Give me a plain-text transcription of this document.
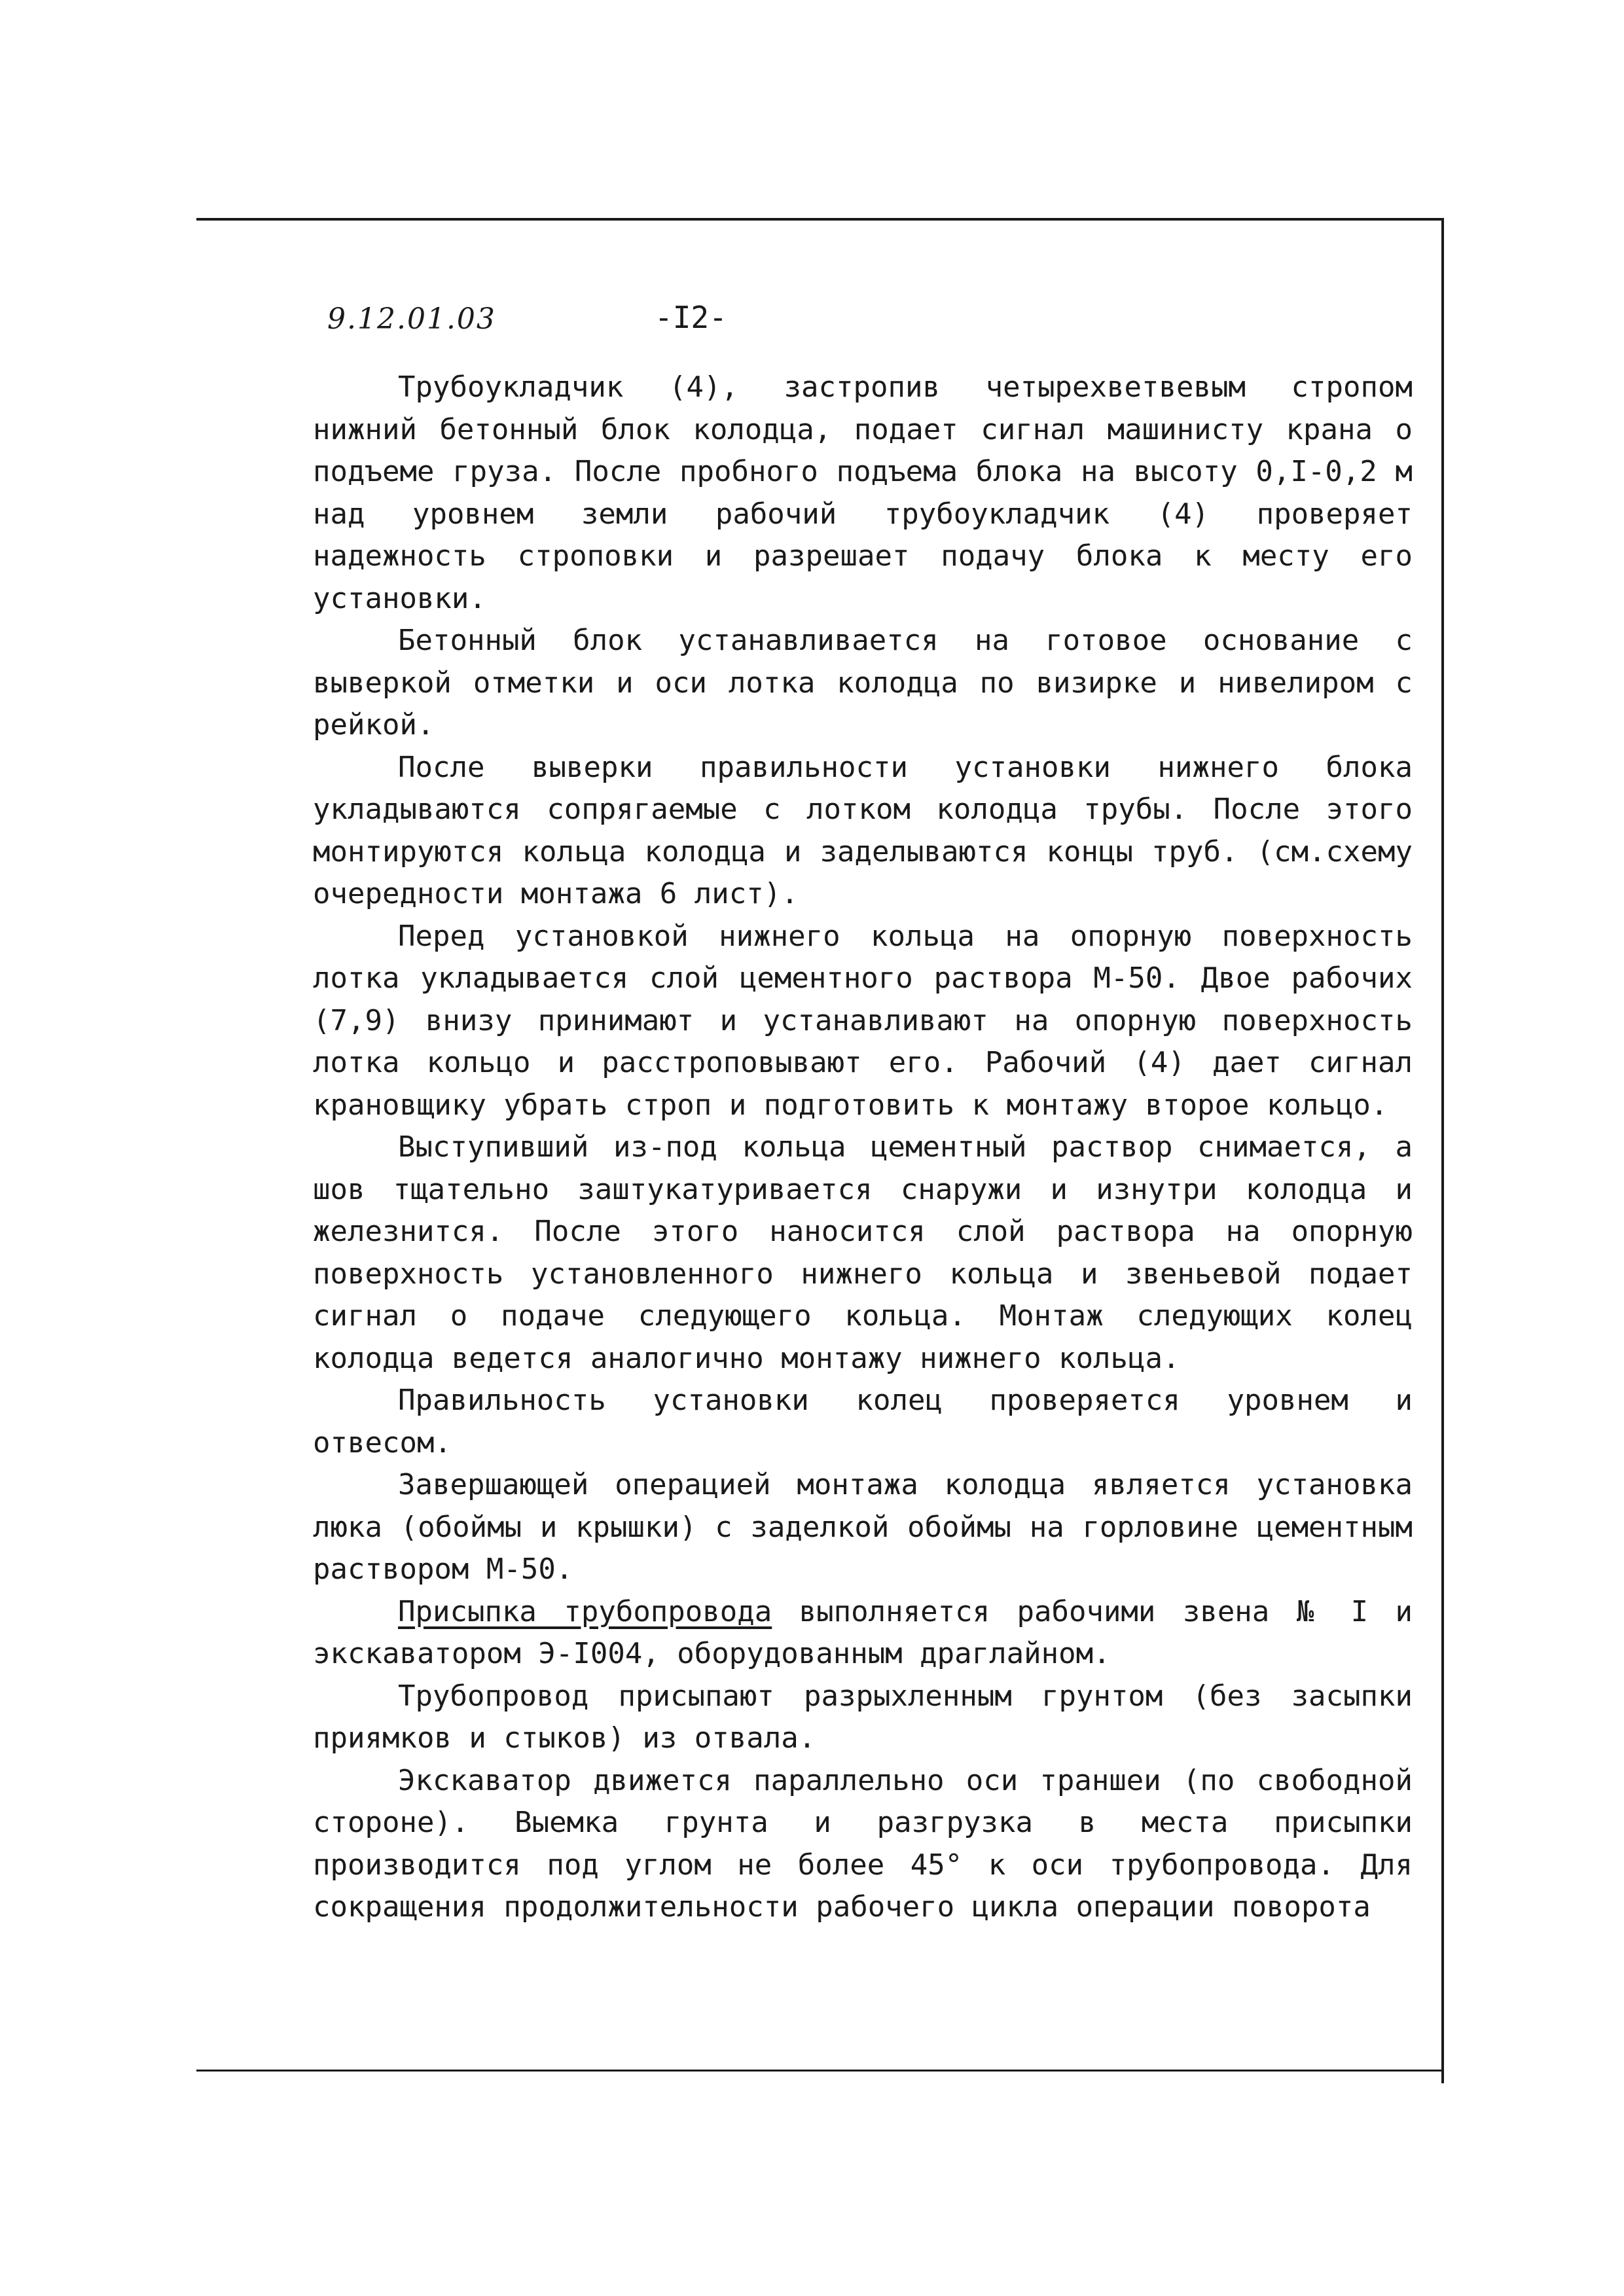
9.12.01.03	-I2-

Трубоукладчик (4), застропив четырехветвевым стропом нижний бетонный блок колодца, подает сигнал машинисту крана о подъеме груза. После пробного подъема блока на высоту 0,I-0,2 м над уровнем земли рабочий трубоукладчик (4) проверяет надежность строповки и разрешает подачу блока к месту его установки.

Бетонный блок устанавливается на готовое основание с выверкой отметки и оси лотка колодца по визирке и нивелиром с рейкой.

После выверки правильности установки нижнего блока укладываются сопрягаемые с лотком колодца трубы. После этого монтируются кольца колодца и заделываются концы труб. (см.схему очередности монтажа 6 лист).

Перед установкой нижнего кольца на опорную поверхность лотка укладывается слой цементного раствора М-50. Двое рабочих (7,9) внизу принимают и устанавливают на опорную поверхность лотка кольцо и расстроповывают его. Рабочий (4) дает сигнал крановщику убрать строп и подготовить к монтажу второе кольцо.

Выступивший из-под кольца цементный раствор снимается, а шов тщательно заштукатуривается снаружи и изнутри колодца и железнится. После этого наносится слой раствора на опорную поверхность установленного нижнего кольца и звеньевой подает сигнал о подаче следующего кольца. Монтаж следующих колец колодца ведется аналогично монтажу нижнего кольца.

Правильность установки колец проверяется уровнем и отвесом.

Завершающей операцией монтажа колодца является установка люка (обоймы и крышки) с заделкой обоймы на горловине цементным раствором М-50.

Присыпка трубопровода выполняется рабочими звена № I и экскаватором Э-I004, оборудованным драглайном.

Трубопровод присыпают разрыхленным грунтом (без засыпки приямков и стыков) из отвала.

Экскаватор движется параллельно оси траншеи (по свободной стороне). Выемка грунта и разгрузка в места присыпки производится под углом не более 45° к оси трубопровода. Для сокращения продолжительности рабочего цикла операции поворота
